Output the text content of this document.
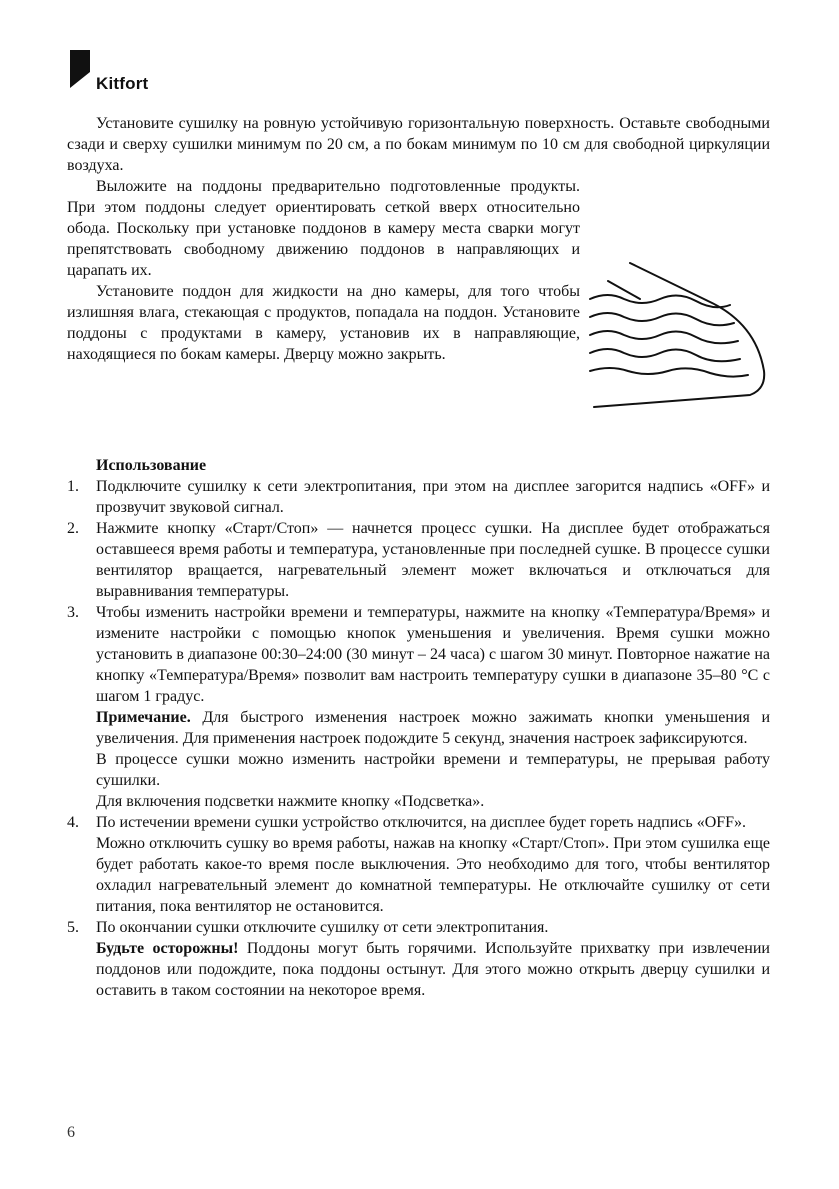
Kitfort

Установите сушилку на ровную устойчивую горизонтальную поверхность. Оставьте свободными сзади и сверху сушилки минимум по 20 см, а по бокам минимум по 10 см для свободной циркуляции воздуха.

Выложите на поддоны предварительно подготовленные продукты. При этом поддоны следует ориентировать сеткой вверх относительно обода. Поскольку при установке поддонов в камеру места сварки могут препятствовать свободному движению поддонов в направляющих и царапать их.

Установите поддон для жидкости на дно камеры, для того чтобы излишняя влага, стекающая с продуктов, попадала на поддон. Установите поддоны с продуктами в камеру, установив их в направляющие, находящиеся по бокам камеры. Дверцу можно закрыть.

Использование

1. Подключите сушилку к сети электропитания, при этом на дисплее загорится надпись «OFF» и прозвучит звуковой сигнал.

2. Нажмите кнопку «Старт/Стоп» — начнется процесс сушки. На дисплее будет отображаться оставшееся время работы и температура, установленные при последней сушке. В процессе сушки вентилятор вращается, нагревательный элемент может включаться и отключаться для выравнивания температуры.

3. Чтобы изменить настройки времени и температуры, нажмите на кнопку «Температура/Время» и измените настройки с помощью кнопок уменьшения и увеличения. Время сушки можно установить в диапазоне 00:30–24:00 (30 минут – 24 часа) с шагом 30 минут. Повторное нажатие на кнопку «Температура/Время» позволит вам настроить температуру сушки в диапазоне 35–80 °С с шагом 1 градус.

Примечание. Для быстрого изменения настроек можно зажимать кнопки уменьшения и увеличения. Для применения настроек подождите 5 секунд, значения настроек зафиксируются.

В процессе сушки можно изменить настройки времени и температуры, не прерывая работу сушилки.

Для включения подсветки нажмите кнопку «Подсветка».

4. По истечении времени сушки устройство отключится, на дисплее будет гореть надпись «OFF».

Можно отключить сушку во время работы, нажав на кнопку «Старт/Стоп». При этом сушилка еще будет работать какое-то время после выключения. Это необходимо для того, чтобы вентилятор охладил нагревательный элемент до комнатной температуры. Не отключайте сушилку от сети питания, пока вентилятор не остановится.

5. По окончании сушки отключите сушилку от сети электропитания.

Будьте осторожны! Поддоны могут быть горячими. Используйте прихватку при извлечении поддонов или подождите, пока поддоны остынут. Для этого можно открыть дверцу сушилки и оставить в таком состоянии на некоторое время.

6
